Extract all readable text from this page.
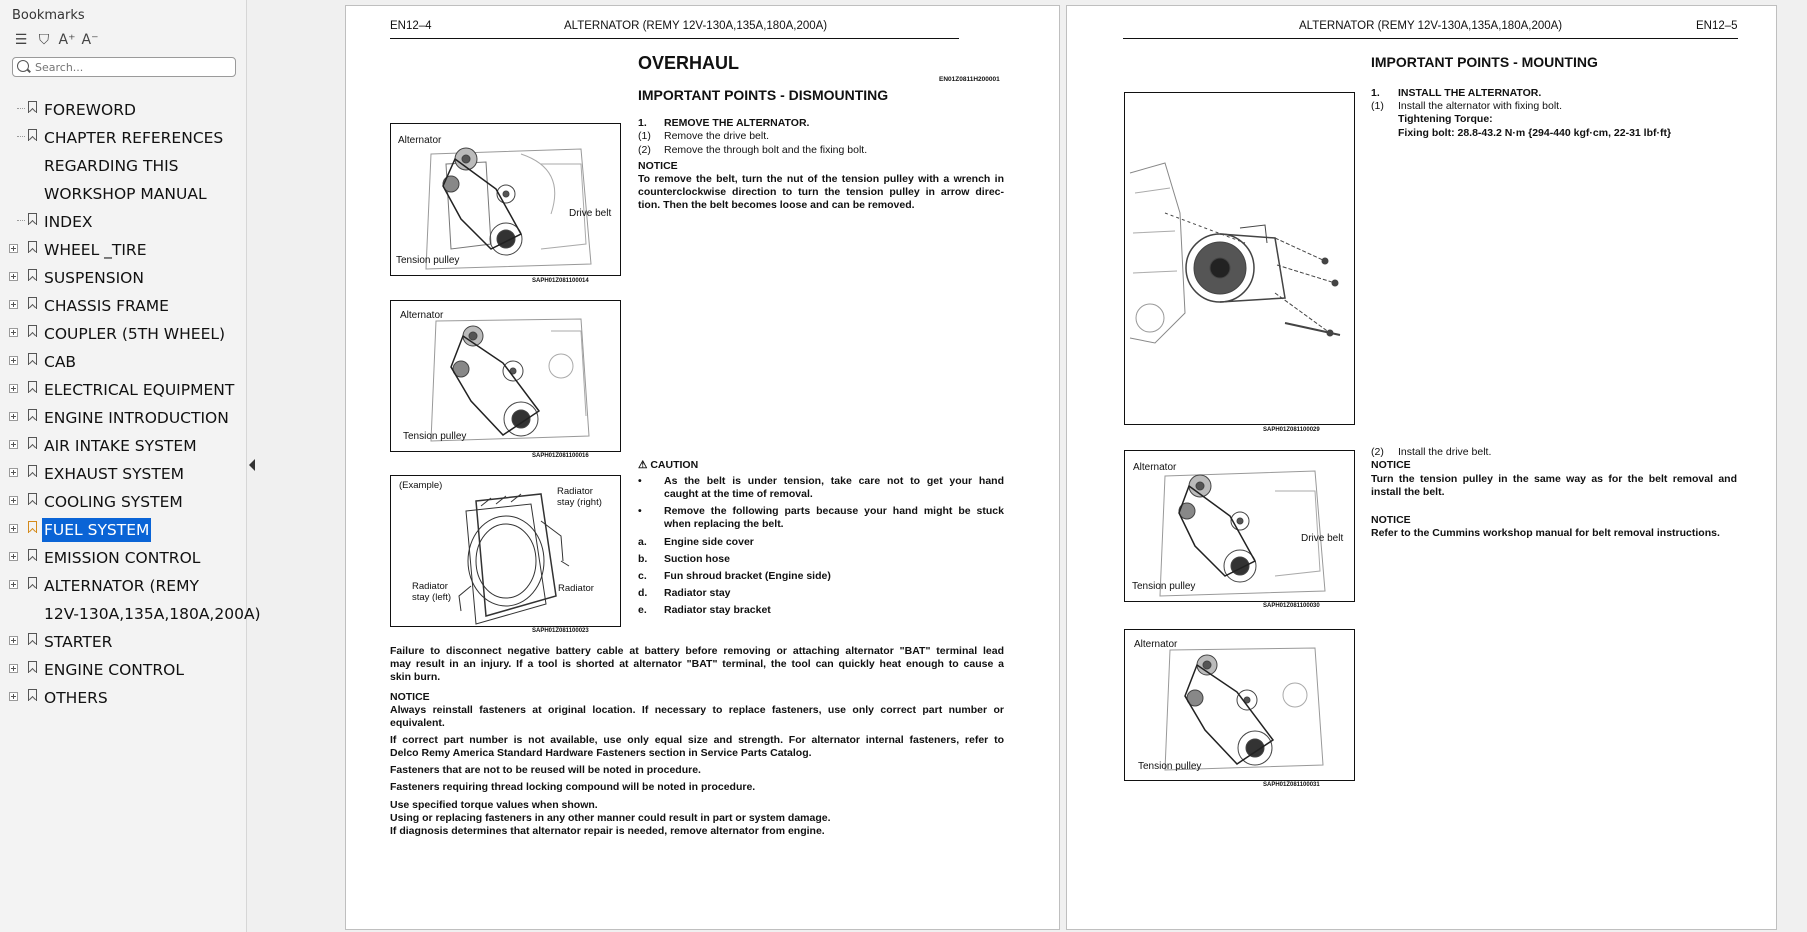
Bookmarks
☰ ⛉ A⁺ A⁻
Search...
FOREWORD
CHAPTER REFERENCES
REGARDING THIS
WORKSHOP MANUAL
INDEX
WHEEL _TIRE
SUSPENSION
CHASSIS FRAME
COUPLER (5TH WHEEL)
CAB
ELECTRICAL EQUIPMENT
ENGINE INTRODUCTION
AIR INTAKE SYSTEM
EXHAUST SYSTEM
COOLING SYSTEM
FUEL SYSTEM
EMISSION CONTROL
ALTERNATOR (REMY
12V-130A,135A,180A,200A)
STARTER
ENGINE CONTROL
OTHERS
EN12–4	ALTERNATOR (REMY 12V-130A,135A,180A,200A)
OVERHAUL
EN01Z0811H200001
IMPORTANT POINTS - DISMOUNTING
1. REMOVE THE ALTERNATOR.
(1) Remove the drive belt.
(2) Remove the through bolt and the fixing bolt.
NOTICE
To remove the belt, turn the nut of the tension pulley with a wrench in
counterclockwise direction to turn the tension pulley in arrow direc-
tion. Then the belt becomes loose and can be removed.
Alternator
Drive belt
Tension pulley
SAPH01Z081100014
Alternator
Tension pulley
SAPH01Z081100016
(Example)
Radiator
stay (right)
Radiator
stay (left)
Radiator
SAPH01Z081100023
⚠ CAUTION
• As the belt is under tension, take care not to get your hand
caught at the time of removal.
• Remove the following parts because your hand might be stuck
when replacing the belt.
a. Engine side cover
b. Suction hose
c. Fun shroud bracket (Engine side)
d. Radiator stay
e. Radiator stay bracket
Failure to disconnect negative battery cable at battery before removing or attaching alternator "BAT" terminal lead
may result in an injury. If a tool is shorted at alternator "BAT" terminal, the tool can quickly heat enough to cause a
skin burn.
NOTICE
Always reinstall fasteners at original location. If necessary to replace fasteners, use only correct part number or
equivalent.
If correct part number is not available, use only equal size and strength. For alternator internal fasteners, refer to
Delco Remy America Standard Hardware Fasteners section in Service Parts Catalog.
Fasteners that are not to be reused will be noted in procedure.
Fasteners requiring thread locking compound will be noted in procedure.
Use specified torque values when shown.
Using or replacing fasteners in any other manner could result in part or system damage.
If diagnosis determines that alternator repair is needed, remove alternator from engine.
ALTERNATOR (REMY 12V-130A,135A,180A,200A)	EN12–5
IMPORTANT POINTS - MOUNTING
1. INSTALL THE ALTERNATOR.
(1) Install the alternator with fixing bolt.
Tightening Torque:
Fixing bolt: 28.8-43.2 N·m {294-440 kgf·cm, 22-31 lbf·ft}
SAPH01Z081100029
Alternator
Drive belt
Tension pulley
SAPH01Z081100030
Alternator
Tension pulley
SAPH01Z081100031
(2) Install the drive belt.
NOTICE
Turn the tension pulley in the same way as for the belt removal and
install the belt.
NOTICE
Refer to the Cummins workshop manual for belt removal instructions.
